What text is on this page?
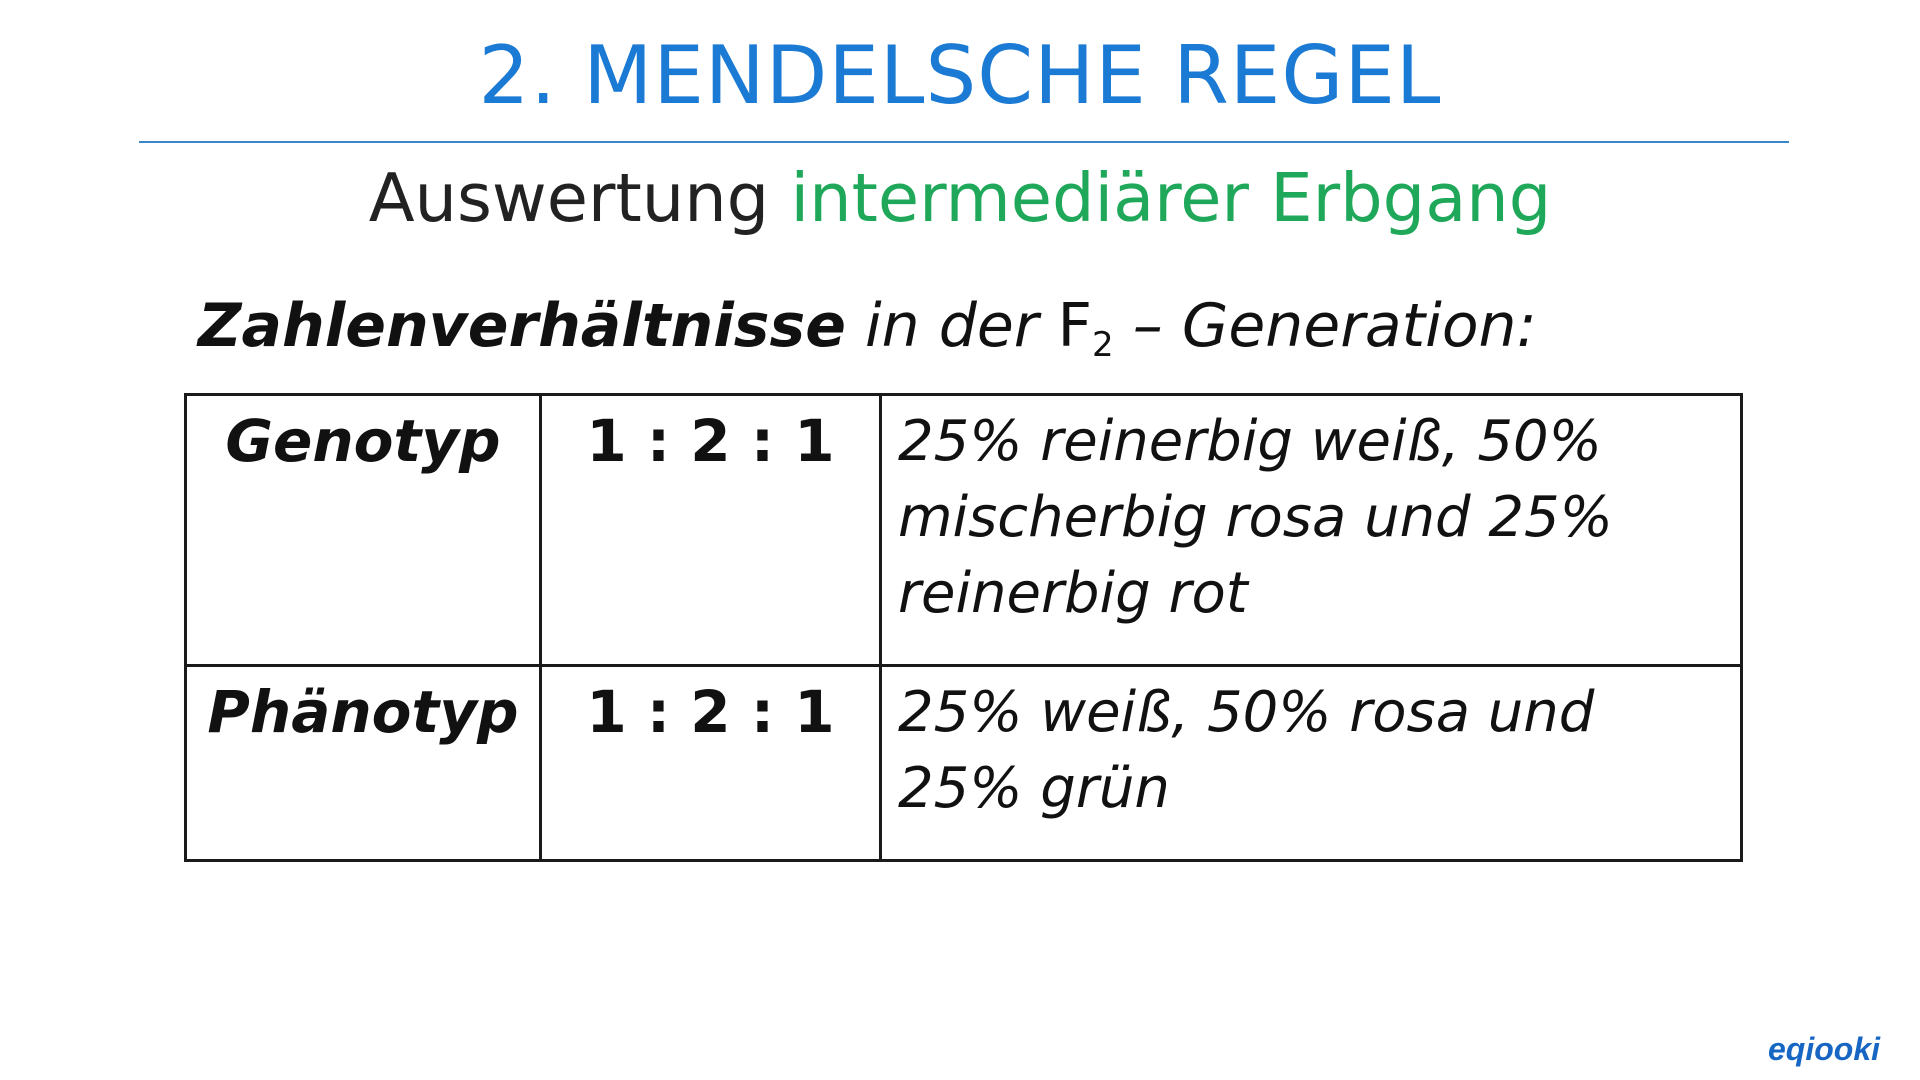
2. MENDELSCHE REGEL
Auswertung intermediärer Erbgang
Zahlenverhältnisse in der $F_2$ – Generation:
Genotyp	1 : 2 : 1	25% reinerbig weiß, 50% mischerbig rosa und 25% reinerbig rot
Phänotyp	1 : 2 : 1	25% weiß, 50% rosa und 25% grün
eqiooki
